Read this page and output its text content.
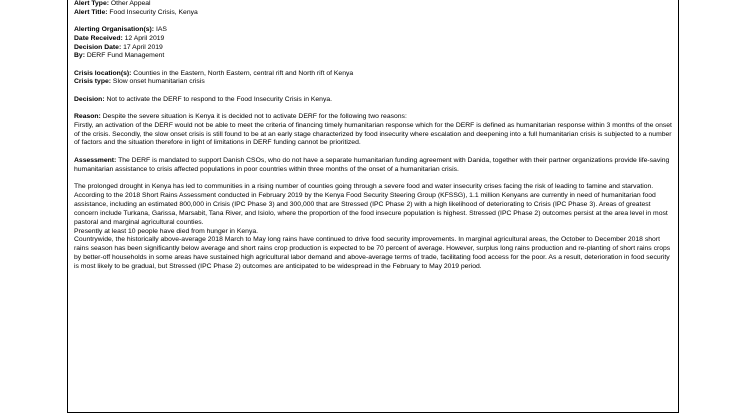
Alert Type: Other Appeal
Alert Title: Food Insecurity Crisis, Kenya
Alerting Organisation(s): IAS
Date Received: 12 April 2019
Decision Date: 17 April 2019
By: DERF Fund Management
Crisis location(s): Counties in the Eastern, North Eastern, central rift and North rift of Kenya
Crisis type: Slow onset humanitarian crisis
Decision: Not to activate the DERF to respond to the Food Insecurity Crisis in Kenya.
Reason: Despite the severe situation is Kenya it is decided not to activate DERF for the following two reasons:

Firstly, an activation of the DERF would not be able to meet the criteria of financing timely humanitarian response which for the DERF is defined as humanitarian response within 3 months of the onset of the crisis. Secondly, the slow onset crisis is still found to be at an early stage characterized by food insecurity where escalation and deepening into a full humanitarian crisis is subjected to a number of factors and the situation therefore in light of limitations in DERF funding cannot be prioritized.

Assessment: The DERF is mandated to support Danish CSOs, who do not have a separate humanitarian funding agreement with Danida, together with their partner organizations provide life-saving humanitarian assistance to crisis affected populations in poor countries within three months of the onset of a humanitarian crisis.

The prolonged drought in Kenya has led to communities in a rising number of counties going through a severe food and water insecurity crises facing the risk of leading to famine and starvation. According to the 2018 Short Rains Assessment conducted in February 2019 by the Kenya Food Security Steering Group (KFSSG), 1.1 million Kenyans are currently in need of humanitarian food assistance, including an estimated 800,000 in Crisis (IPC Phase 3) and 300,000 that are Stressed (IPC Phase 2) with a high likelihood of deteriorating to Crisis (IPC Phase 3). Areas of greatest concern include Turkana, Garissa, Marsabit, Tana River, and Isiolo, where the proportion of the food insecure population is highest. Stressed (IPC Phase 2) outcomes persist at the area level in most pastoral and marginal agricultural counties.

Presently at least 10 people have died from hunger in Kenya.

Countrywide, the historically above-average 2018 March to May long rains have continued to drive food security improvements. In marginal agricultural areas, the October to December 2018 short rains season has been significantly below average and short rains crop production is expected to be 70 percent of average. However, surplus long rains production and re-planting of short rains crops by better-off households in some areas have sustained high agricultural labor demand and above-average terms of trade, facilitating food access for the poor. As a result, deterioration in food security is most likely to be gradual, but Stressed (IPC Phase 2) outcomes are anticipated to be widespread in the February to May 2019 period.
